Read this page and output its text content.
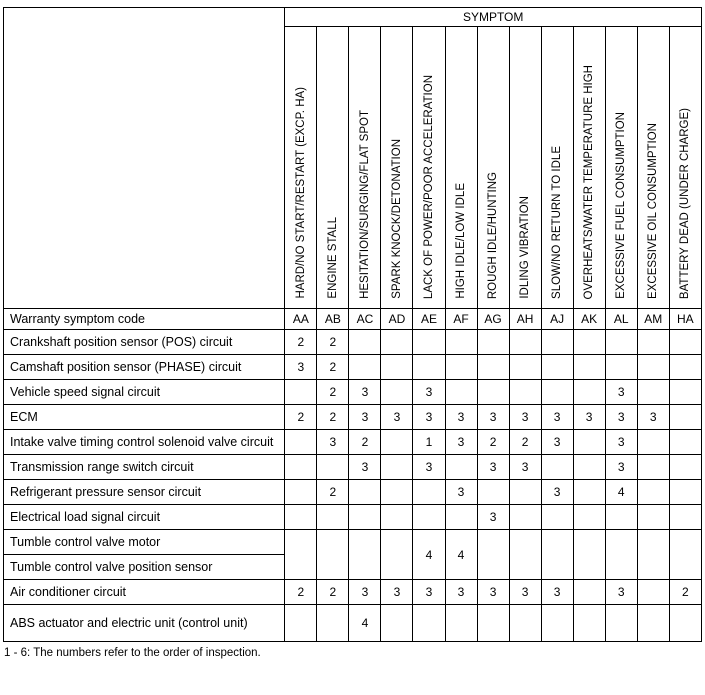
	SYMPTOM												
	HARD/NO START/RESTART (EXCP. HA)	ENGINE STALL	HESITATION/SURGING/FLAT SPOT	SPARK KNOCK/DETONATION	LACK OF POWER/POOR ACCELERATION	HIGH IDLE/LOW IDLE	ROUGH IDLE/HUNTING	IDLING VIBRATION	SLOW/NO RETURN TO IDLE	OVERHEATS/WATER TEMPERATURE HIGH	EXCESSIVE FUEL CONSUMPTION	EXCESSIVE OIL CONSUMPTION	BATTERY DEAD (UNDER CHARGE)
Warranty symptom code	AA	AB	AC	AD	AE	AF	AG	AH	AJ	AK	AL	AM	HA
Crankshaft position sensor (POS) circuit	2	2											
Camshaft position sensor (PHASE) circuit	3	2											
Vehicle speed signal circuit		2	3		3						3		
ECM	2	2	3	3	3	3	3	3	3	3	3	3	
Intake valve timing control solenoid valve circuit		3	2		1	3	2	2	3		3		
Transmission range switch circuit			3		3		3	3			3		
Refrigerant pressure sensor circuit		2				3			3		4		
Electrical load signal circuit							3						
Tumble control valve motor					4	4							
Tumble control valve position sensor													
Air conditioner circuit	2	2	3	3	3	3	3	3	3		3		2
ABS actuator and electric unit (control unit)			4										
1 - 6: The numbers refer to the order of inspection.
